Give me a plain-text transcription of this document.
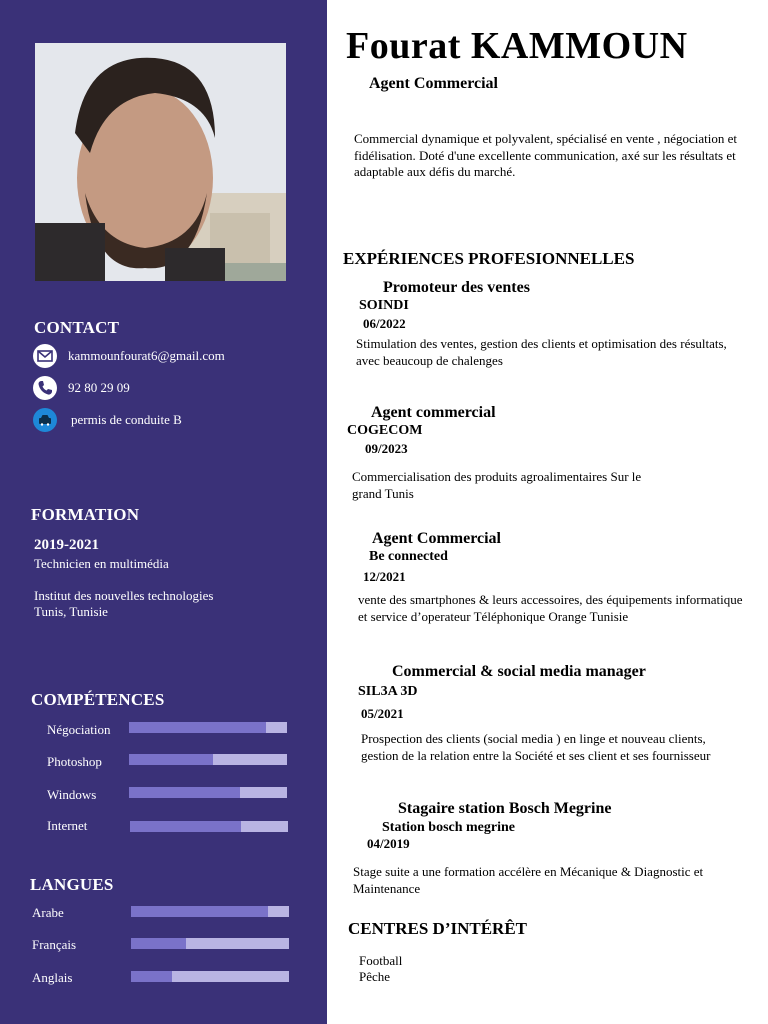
CONTACT
kammounfourat6@gmail.com
92 80 29 09
permis de conduite B
FORMATION
2019-2021
Technicien en multimédia
Institut des nouvelles technologies
Tunis, Tunisie
COMPÉTENCES
Négociation
Photoshop
Windows
Internet
LANGUES
Arabe
Français
Anglais
Fourat KAMMOUN
Agent Commercial
Commercial dynamique et polyvalent, spécialisé en vente , négociation et fidélisation. Doté d'une excellente communication, axé sur les résultats et adaptable aux défis du marché.
EXPÉRIENCES PROFESIONNELLES
Promoteur des ventes
SOINDI
06/2022
Stimulation des ventes, gestion des clients et optimisation des résultats, avec beaucoup de chalenges
Agent commercial
COGECOM
09/2023
Commercialisation des produits agroalimentaires Sur le grand Tunis
Agent Commercial
Be connected
12/2021
vente des smartphones & leurs accessoires, des équipements informatique et service d’operateur Téléphonique Orange Tunisie
Commercial & social media manager
SIL3A 3D
05/2021
Prospection des clients (social media ) en linge et nouveau clients, gestion de la relation entre la Société et ses client et ses fournisseur
Stagaire station Bosch Megrine
Station bosch megrine
04/2019
Stage suite a une formation accélère en Mécanique & Diagnostic et Maintenance
CENTRES D’INTÉRÊT
Football
Pêche
